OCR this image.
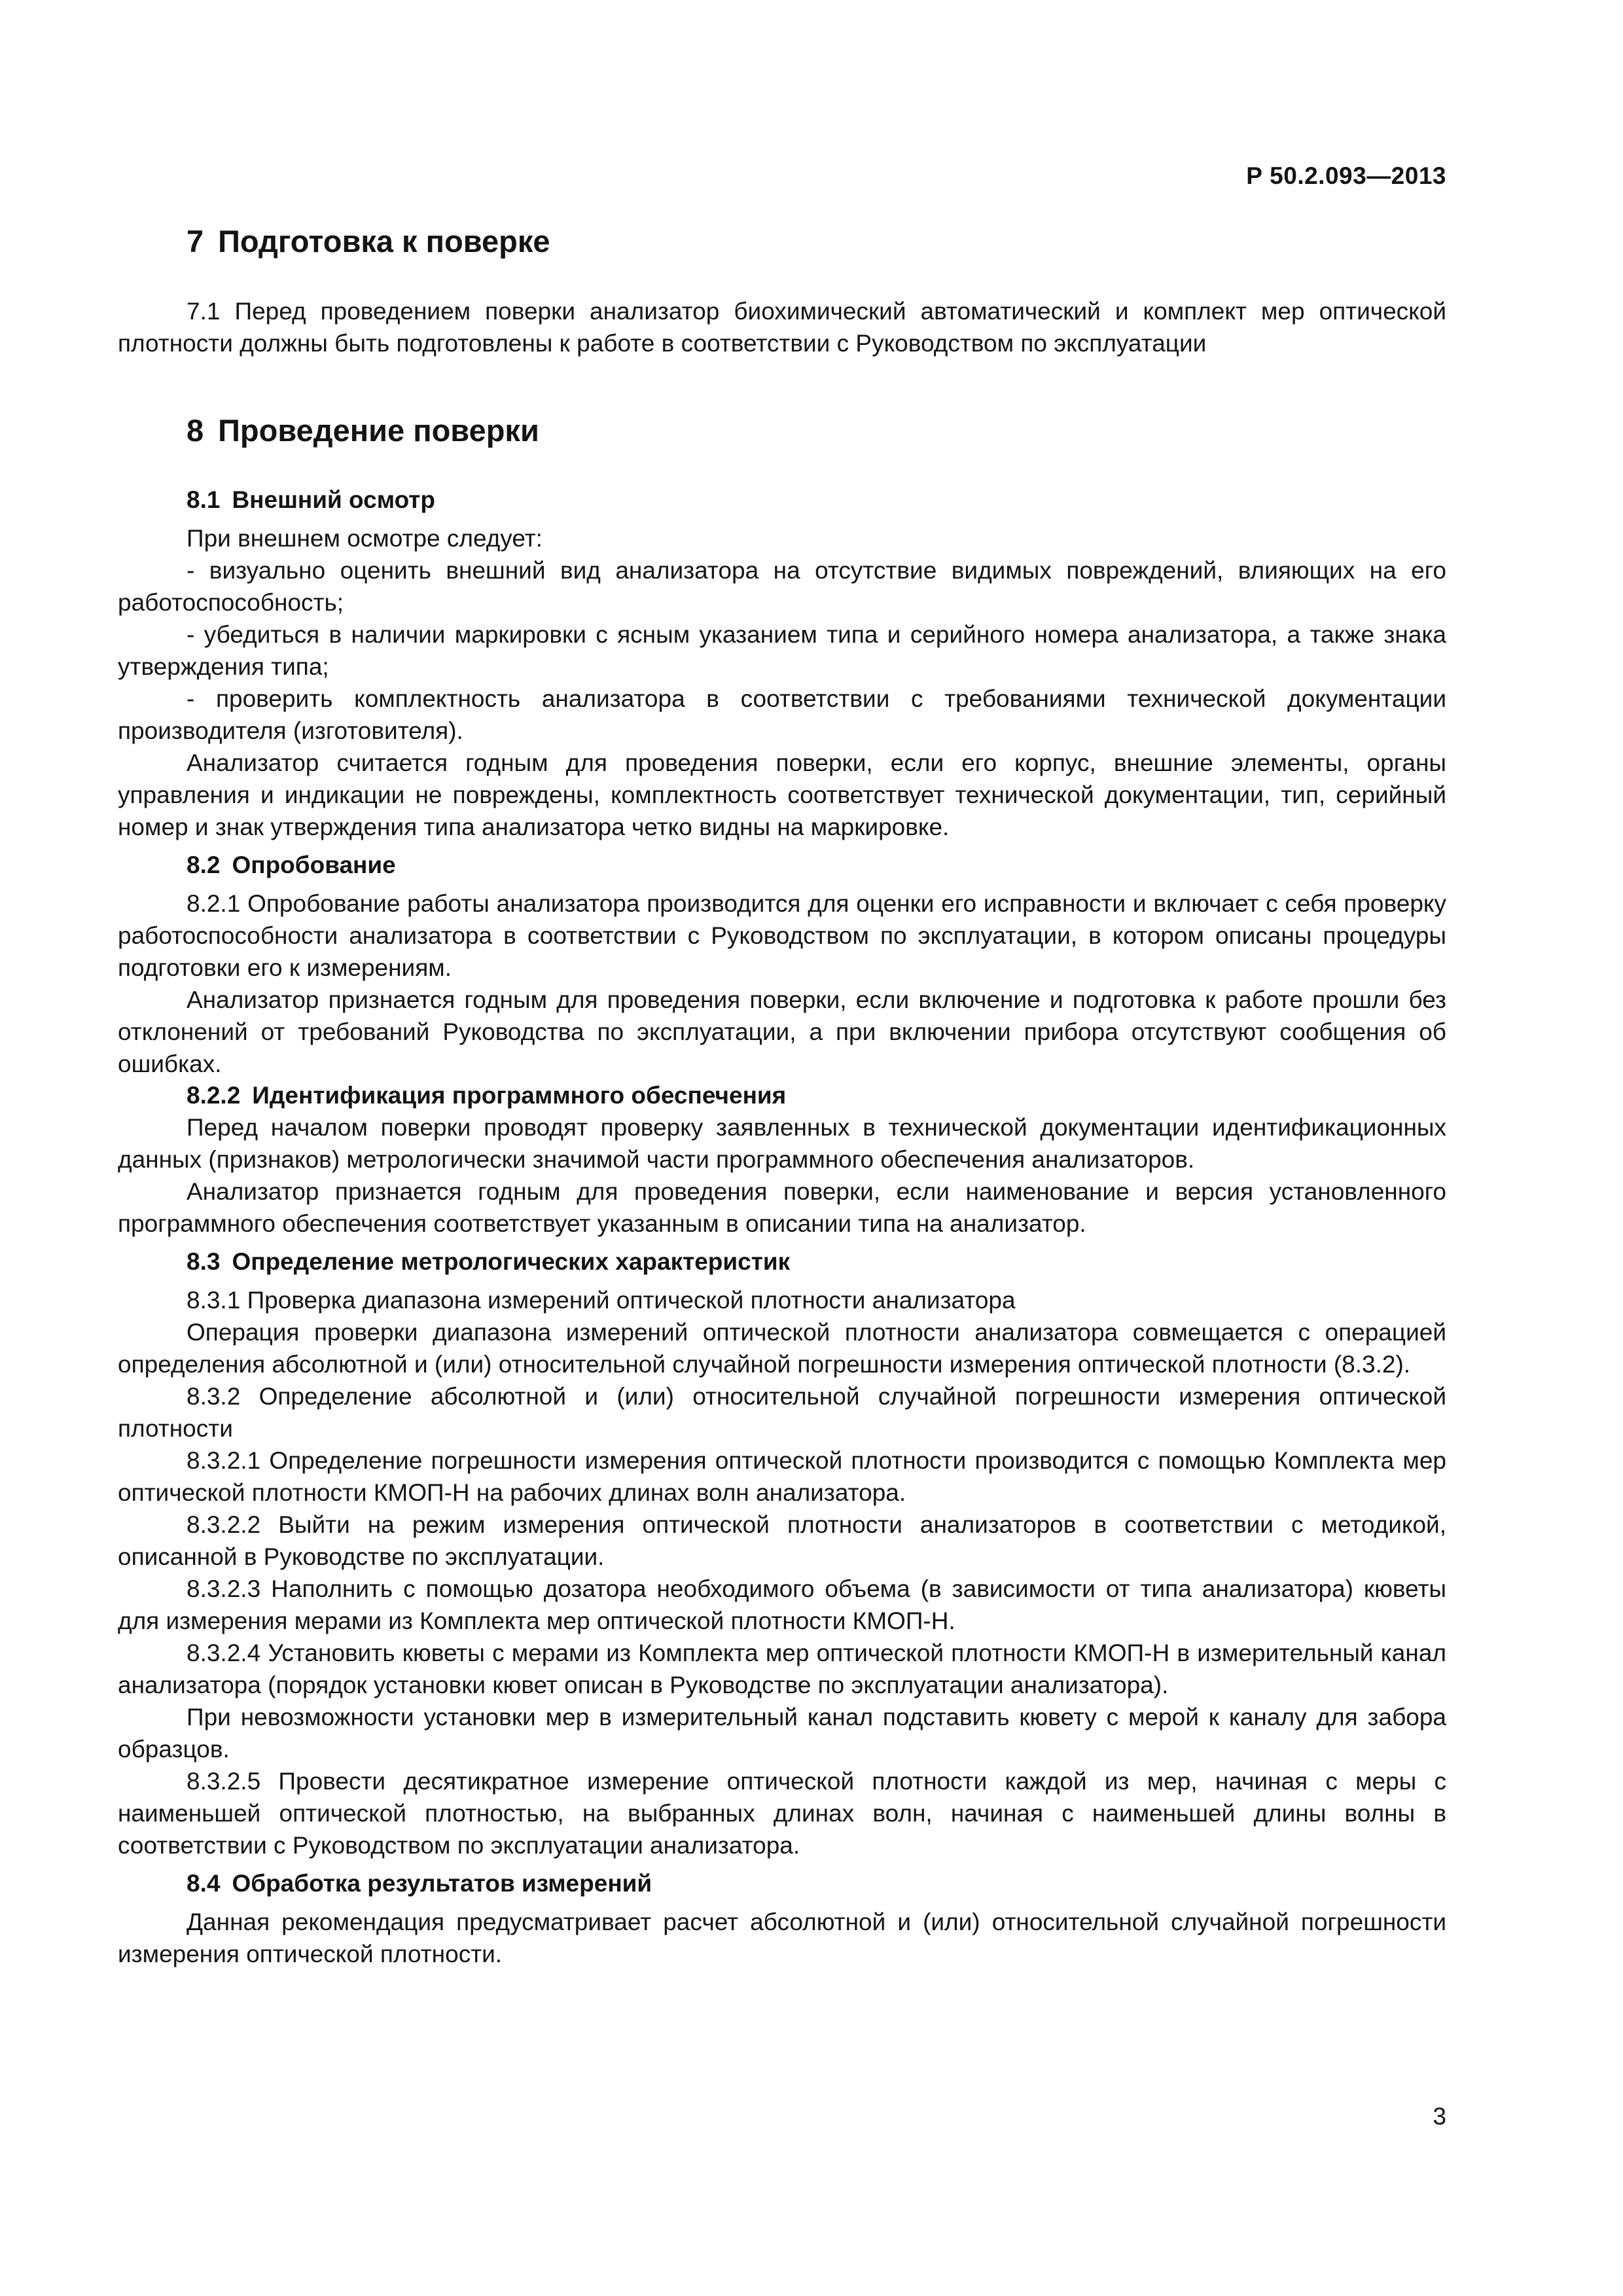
Р 50.2.093—2013
7 Подготовка к поверке

7.1 Перед проведением поверки анализатор биохимический автоматический и комплект мер оптической плотности должны быть подготовлены к работе в соответствии с Руководством по эксплуатации

8 Проведение поверки
8.1 Внешний осмотр

При внешнем осмотре следует:

- визуально оценить внешний вид анализатора на отсутствие видимых повреждений, влияющих на его работоспособность;

- убедиться в наличии маркировки с ясным указанием типа и серийного номера анализатора, а также знака утверждения типа;

- проверить комплектность анализатора в соответствии с требованиями технической документации производителя (изготовителя).

Анализатор считается годным для проведения поверки, если его корпус, внешние элементы, органы управления и индикации не повреждены, комплектность соответствует технической документации, тип, серийный номер и знак утверждения типа анализатора четко видны на маркировке.

8.2 Опробование

8.2.1 Опробование работы анализатора производится для оценки его исправности и включает с себя проверку работоспособности анализатора в соответствии с Руководством по эксплуатации, в котором описаны процедуры подготовки его к измерениям.

Анализатор признается годным для проведения поверки, если включение и подготовка к работе прошли без отклонений от требований Руководства по эксплуатации, а при включении прибора отсутствуют сообщения об ошибках.

8.2.2 Идентификация программного обеспечения

Перед началом поверки проводят проверку заявленных в технической документации идентификационных данных (признаков) метрологически значимой части программного обеспечения анализаторов.

Анализатор признается годным для проведения поверки, если наименование и версия установленного программного обеспечения соответствует указанным в описании типа на анализатор.

8.3 Определение метрологических характеристик

8.3.1 Проверка диапазона измерений оптической плотности анализатора

Операция проверки диапазона измерений оптической плотности анализатора совмещается с операцией определения абсолютной и (или) относительной случайной погрешности измерения оптической плотности (8.3.2).

8.3.2 Определение абсолютной и (или) относительной случайной погрешности измерения оптической плотности

8.3.2.1 Определение погрешности измерения оптической плотности производится с помощью Комплекта мер оптической плотности КМОП-Н на рабочих длинах волн анализатора.

8.3.2.2 Выйти на режим измерения оптической плотности анализаторов в соответствии с методикой, описанной в Руководстве по эксплуатации.

8.3.2.3 Наполнить с помощью дозатора необходимого объема (в зависимости от типа анализатора) кюветы для измерения мерами из Комплекта мер оптической плотности КМОП-Н.

8.3.2.4 Установить кюветы с мерами из Комплекта мер оптической плотности КМОП-Н в измерительный канал анализатора (порядок установки кювет описан в Руководстве по эксплуатации анализатора).

При невозможности установки мер в измерительный канал подставить кювету с мерой к каналу для забора образцов.

8.3.2.5 Провести десятикратное измерение оптической плотности каждой из мер, начиная с меры с наименьшей оптической плотностью, на выбранных длинах волн, начиная с наименьшей длины волны в соответствии с Руководством по эксплуатации анализатора.

8.4 Обработка результатов измерений

Данная рекомендация предусматривает расчет абсолютной и (или) относительной случайной погрешности измерения оптической плотности.

3
